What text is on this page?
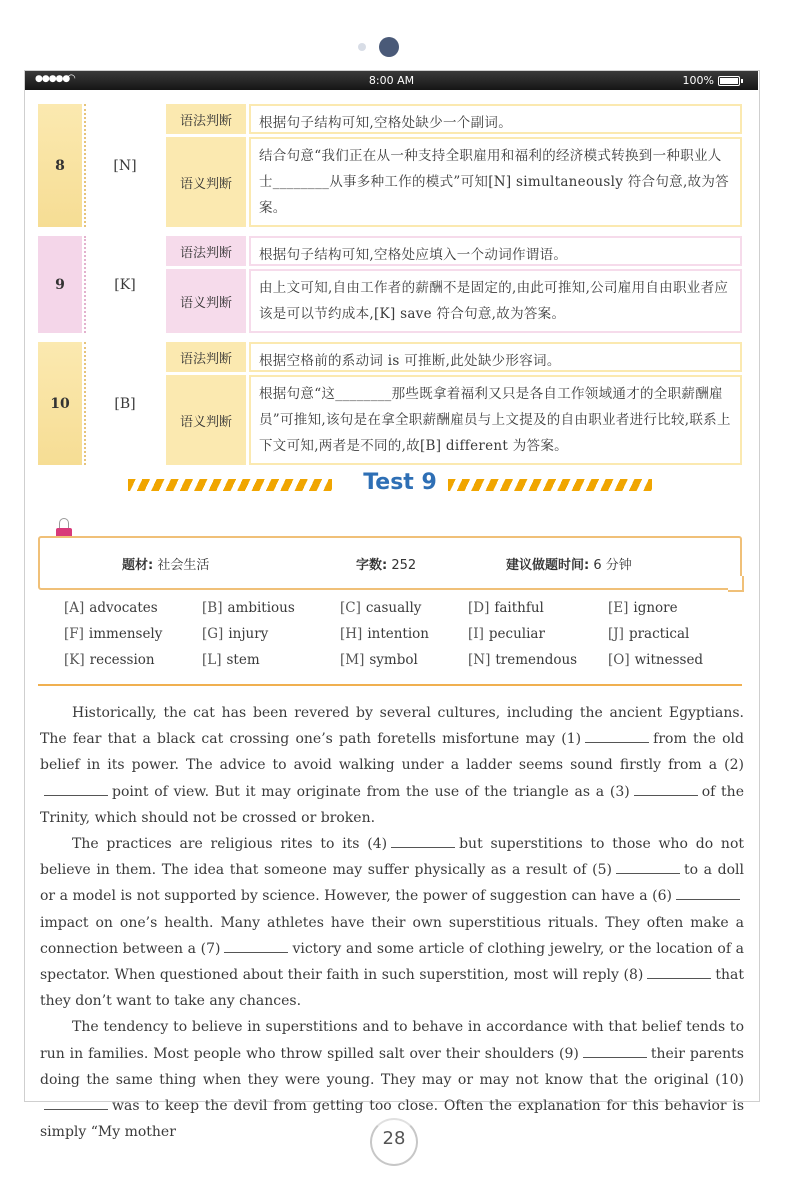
●●●●●
◠	8:00 AM	100%
8	[N]
语法判断	根据句子结构可知,空格处缺少一个副词。
语义判断
结合句意“我们正在从一种支持全职雇用和福利的经济模式转换到一种职业人士________从事多种工作的模式”可知[N] simultaneously 符合句意,故为答案。
9	[K]
语法判断	根据句子结构可知,空格处应填入一个动词作谓语。
语义判断
由上文可知,自由工作者的薪酬不是固定的,由此可推知,公司雇用自由职业者应该是可以节约成本,[K] save 符合句意,故为答案。
10	[B]
语法判断	根据空格前的系动词 is 可推断,此处缺少形容词。
语义判断
根据句意“这________那些既拿着福利又只是各自工作领域通才的全职薪酬雇员”可推知,该句是在拿全职薪酬雇员与上文提及的自由职业者进行比较,联系上下文可知,两者是不同的,故[B] different 为答案。
Test 9
题材: 社会生活	字数: 252	建议做题时间: 6 分钟
[A] advocates	[B] ambitious	[C] casually	[D] faithful	[E] ignore
[F] immensely	[G] injury	[H] intention	[I] peculiar	[J] practical
[K] recession	[L] stem	[M] symbol	[N] tremendous [O] witnessed

Historically, the cat has been revered by several cultures, including the ancient Egyptians. The fear that a black cat crossing one’s path foretells misfortune may (1)	from the old belief in its power. The advice to avoid walking under a ladder seems sound firstly from a (2)point of view. But it may originate from the use of the triangle as a (3)	of the Trinity, which should not be crossed or broken.

The practices are religious rites to its (4)	but superstitions to those who do not believe in them. The idea that someone may suffer physically as a result of (5)	to a doll or a model is not supported by science. However, the power of suggestion can have a (6)impact on one’s health. Many athletes have their own superstitious rituals. They often make a connection between a (7)	victory and some article of clothing jewelry, or the location of a spectator. When questioned about their faith in such superstition, most will reply (8)	that they don’t want to take any chances.

The tendency to believe in superstitions and to behave in accordance with that belief tends to run in families. Most people who throw spilled salt over their shoulders (9)	their parents doing the same thing when they were young. They may or may not know that the original (10)was to keep the devil from getting too close. Often the explanation for this behavior is simply “My mother	28
